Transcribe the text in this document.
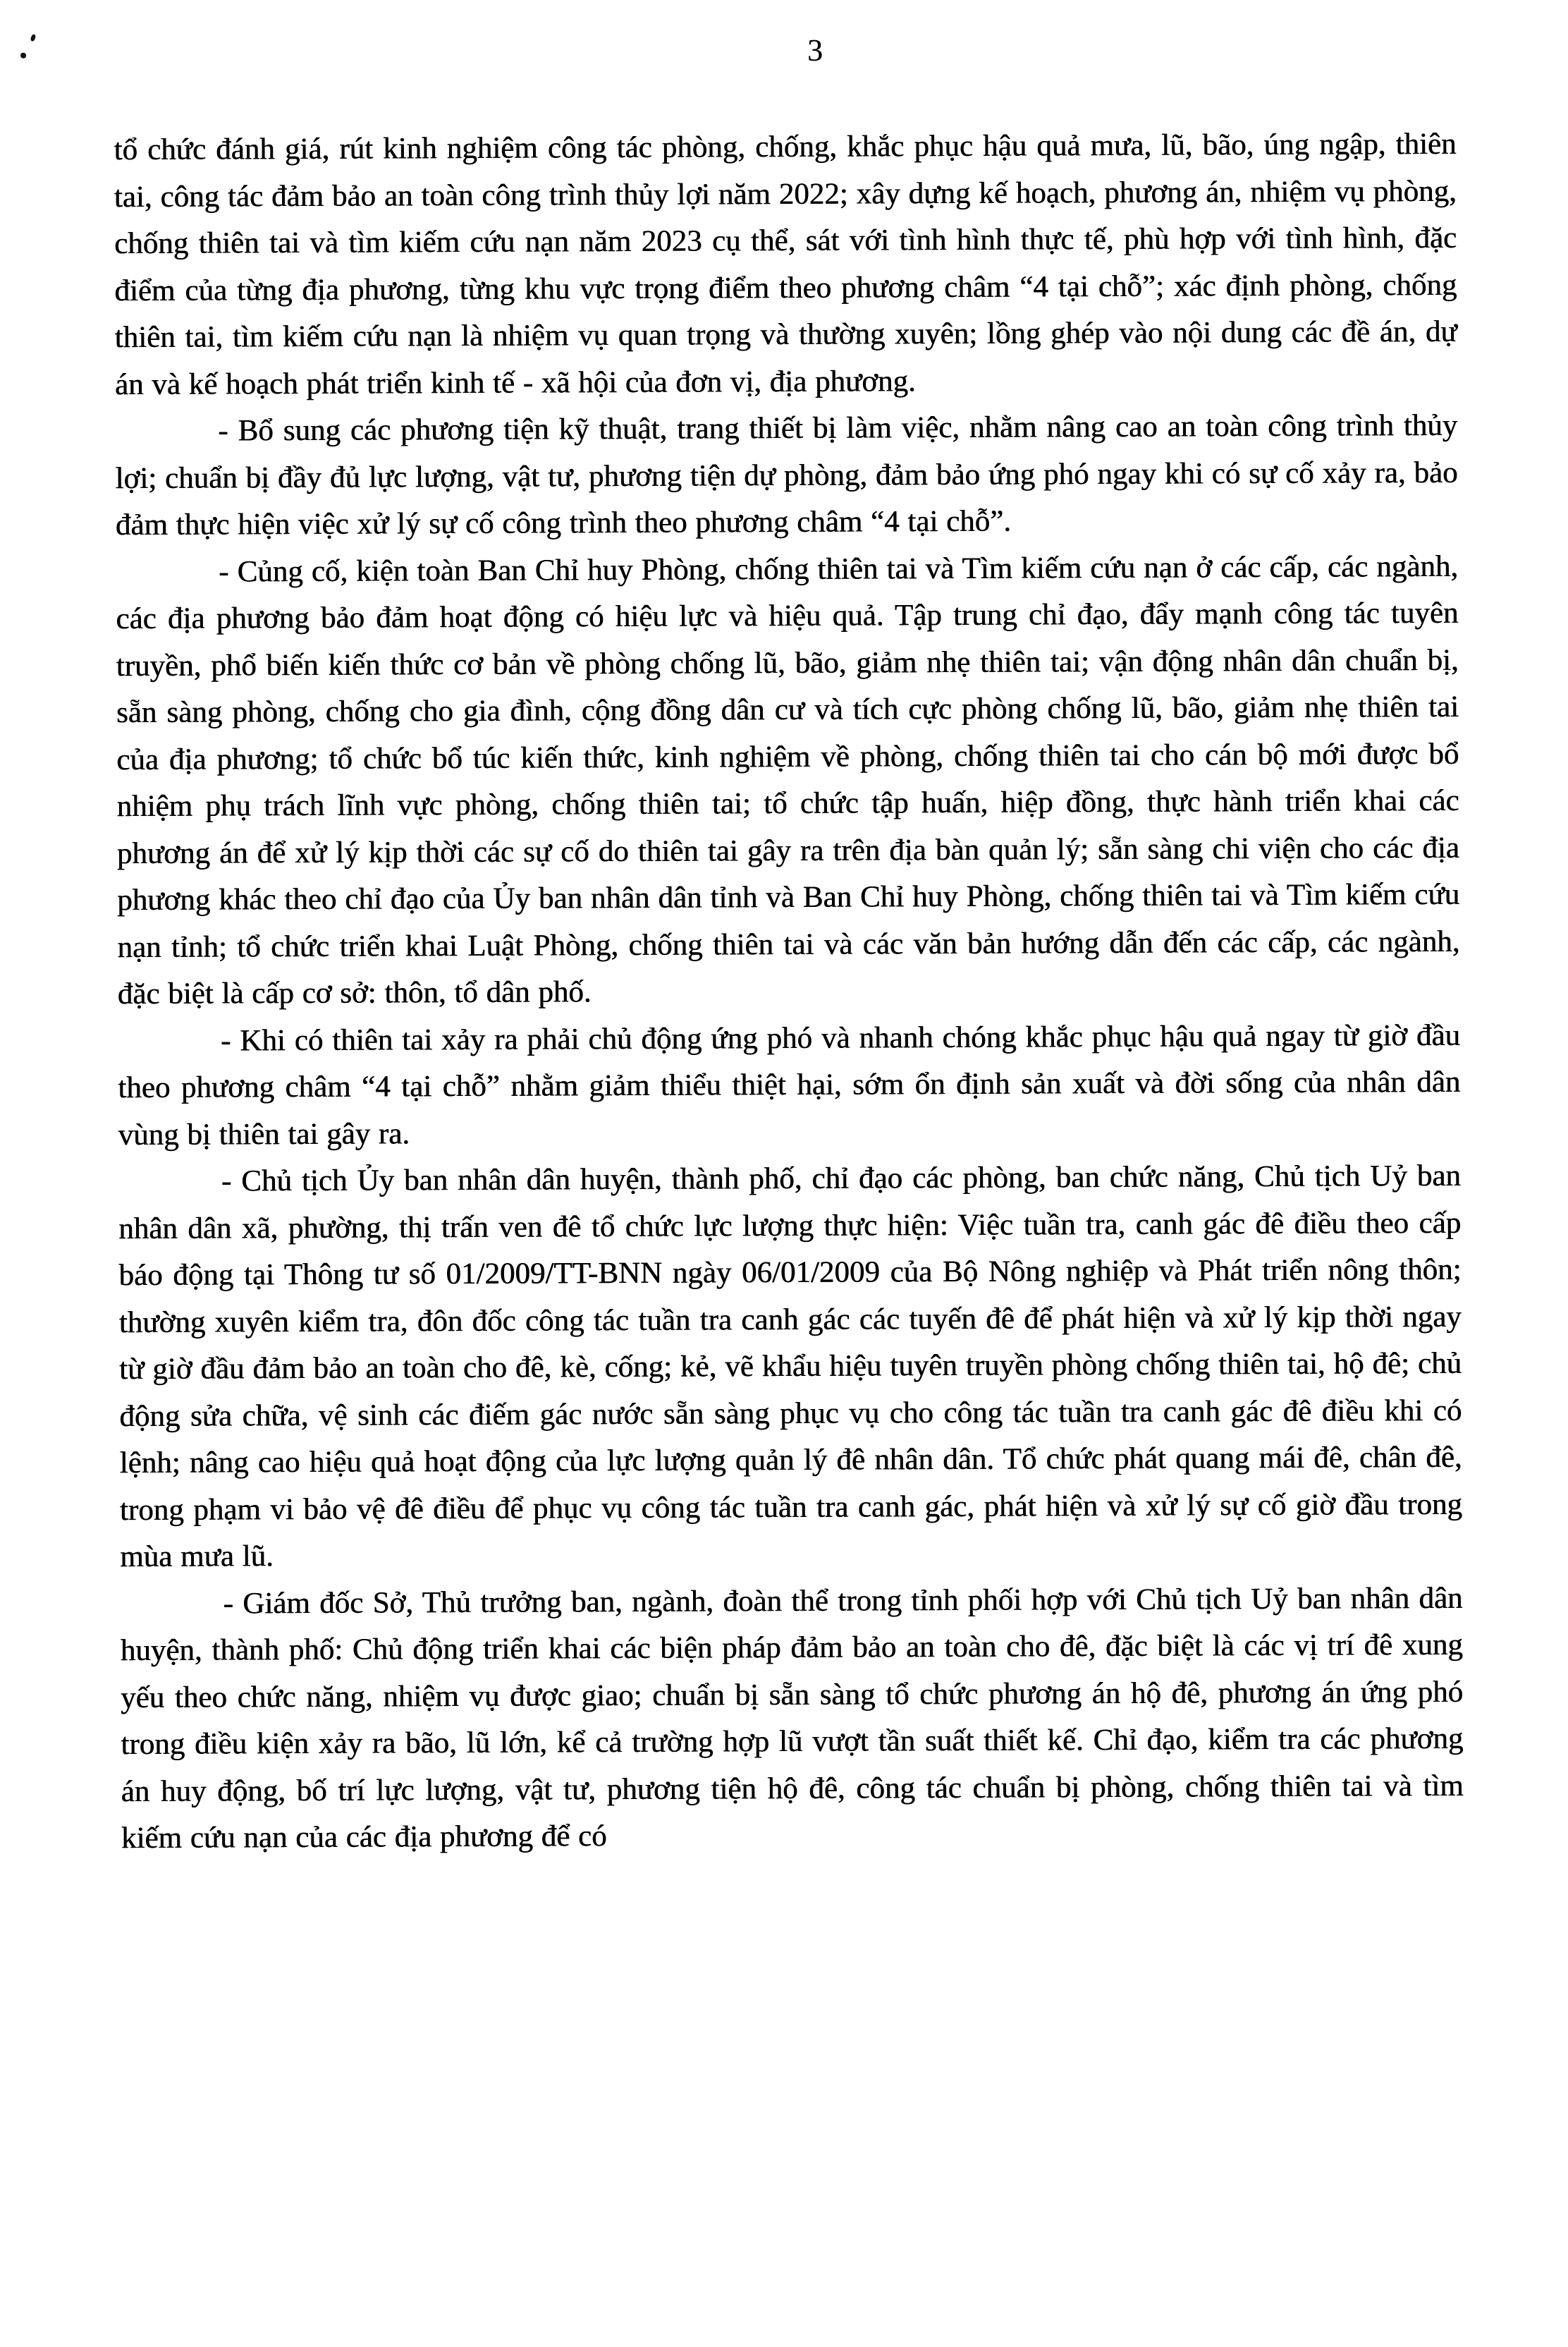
3

tổ chức đánh giá, rút kinh nghiệm công tác phòng, chống, khắc phục hậu quả mưa, lũ, bão, úng ngập, thiên tai, công tác đảm bảo an toàn công trình thủy lợi năm 2022; xây dựng kế hoạch, phương án, nhiệm vụ phòng, chống thiên tai và tìm kiếm cứu nạn năm 2023 cụ thể, sát với tình hình thực tế, phù hợp với tình hình, đặc điểm của từng địa phương, từng khu vực trọng điểm theo phương châm “4 tại chỗ”; xác định phòng, chống thiên tai, tìm kiếm cứu nạn là nhiệm vụ quan trọng và thường xuyên; lồng ghép vào nội dung các đề án, dự án và kế hoạch phát triển kinh tế - xã hội của đơn vị, địa phương.

- Bổ sung các phương tiện kỹ thuật, trang thiết bị làm việc, nhằm nâng cao an toàn công trình thủy lợi; chuẩn bị đầy đủ lực lượng, vật tư, phương tiện dự phòng, đảm bảo ứng phó ngay khi có sự cố xảy ra, bảo đảm thực hiện việc xử lý sự cố công trình theo phương châm “4 tại chỗ”.

- Củng cố, kiện toàn Ban Chỉ huy Phòng, chống thiên tai và Tìm kiếm cứu nạn ở các cấp, các ngành, các địa phương bảo đảm hoạt động có hiệu lực và hiệu quả. Tập trung chỉ đạo, đẩy mạnh công tác tuyên truyền, phổ biến kiến thức cơ bản về phòng chống lũ, bão, giảm nhẹ thiên tai; vận động nhân dân chuẩn bị, sẵn sàng phòng, chống cho gia đình, cộng đồng dân cư và tích cực phòng chống lũ, bão, giảm nhẹ thiên tai của địa phương; tổ chức bổ túc kiến thức, kinh nghiệm về phòng, chống thiên tai cho cán bộ mới được bổ nhiệm phụ trách lĩnh vực phòng, chống thiên tai; tổ chức tập huấn, hiệp đồng, thực hành triển khai các phương án để xử lý kịp thời các sự cố do thiên tai gây ra trên địa bàn quản lý; sẵn sàng chi viện cho các địa phương khác theo chỉ đạo của Ủy ban nhân dân tỉnh và Ban Chỉ huy Phòng, chống thiên tai và Tìm kiếm cứu nạn tỉnh; tổ chức triển khai Luật Phòng, chống thiên tai và các văn bản hướng dẫn đến các cấp, các ngành, đặc biệt là cấp cơ sở: thôn, tổ dân phố.

- Khi có thiên tai xảy ra phải chủ động ứng phó và nhanh chóng khắc phục hậu quả ngay từ giờ đầu theo phương châm “4 tại chỗ” nhằm giảm thiểu thiệt hại, sớm ổn định sản xuất và đời sống của nhân dân vùng bị thiên tai gây ra.

- Chủ tịch Ủy ban nhân dân huyện, thành phố, chỉ đạo các phòng, ban chức năng, Chủ tịch Uỷ ban nhân dân xã, phường, thị trấn ven đê tổ chức lực lượng thực hiện: Việc tuần tra, canh gác đê điều theo cấp báo động tại Thông tư số 01/2009/TT-BNN ngày 06/01/2009 của Bộ Nông nghiệp và Phát triển nông thôn; thường xuyên kiểm tra, đôn đốc công tác tuần tra canh gác các tuyến đê để phát hiện và xử lý kịp thời ngay từ giờ đầu đảm bảo an toàn cho đê, kè, cống; kẻ, vẽ khẩu hiệu tuyên truyền phòng chống thiên tai, hộ đê; chủ động sửa chữa, vệ sinh các điếm gác nước sẵn sàng phục vụ cho công tác tuần tra canh gác đê điều khi có lệnh; nâng cao hiệu quả hoạt động của lực lượng quản lý đê nhân dân. Tổ chức phát quang mái đê, chân đê, trong phạm vi bảo vệ đê điều để phục vụ công tác tuần tra canh gác, phát hiện và xử lý sự cố giờ đầu trong mùa mưa lũ.

- Giám đốc Sở, Thủ trưởng ban, ngành, đoàn thể trong tỉnh phối hợp với Chủ tịch Uỷ ban nhân dân huyện, thành phố: Chủ động triển khai các biện pháp đảm bảo an toàn cho đê, đặc biệt là các vị trí đê xung yếu theo chức năng, nhiệm vụ được giao; chuẩn bị sẵn sàng tổ chức phương án hộ đê, phương án ứng phó trong điều kiện xảy ra bão, lũ lớn, kể cả trường hợp lũ vượt tần suất thiết kế. Chỉ đạo, kiểm tra các phương án huy động, bố trí lực lượng, vật tư, phương tiện hộ đê, công tác chuẩn bị phòng, chống thiên tai và tìm kiếm cứu nạn của các địa phương để có
